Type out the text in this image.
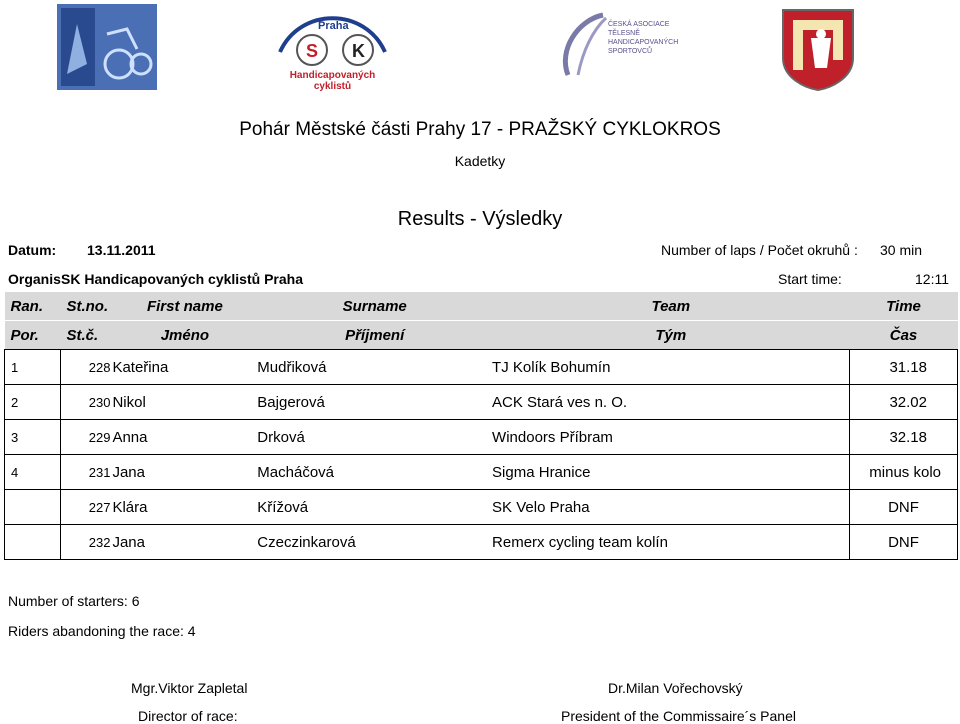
S K
Praha
Handicapovaných cyklistů
ČESKÁ ASOCIACE TĚLESNĚ HANDICAPOVANÝCH SPORTOVCŮ
Pohár Městské části Prahy 17 - PRAŽSKÝ CYKLOKROS
Kadetky
Results - Výsledky
Datum: 13.11.2011	Number of laps / Počet okruhů : 30 min
Organis SK Handicapovaných cyklistů Praha	Start time:	12:11
Ran.	St.no.	First name	Surname	Team	Time
Por.	St.č.	Jméno	Příjmení	Tým	Čas
1	228	Kateřina	Mudřiková	TJ Kolík Bohumín	31.18
2	230	Nikol	Bajgerová	ACK Stará ves n. O.	32.02
3	229	Anna	Drková	Windoors Příbram	32.18
4	231	Jana	Macháčová	Sigma Hranice	minus kolo
	227	Klára	Křížová	SK Velo Praha	DNF
	232	Jana	Czeczinkarová	Remerx cycling team kolín	DNF
Number of starters: 6
Riders abandoning the race: 4
Mgr.Viktor Zapletal
Director of race:
Dr.Milan Vořechovský
President of the Commissaire´s Panel
